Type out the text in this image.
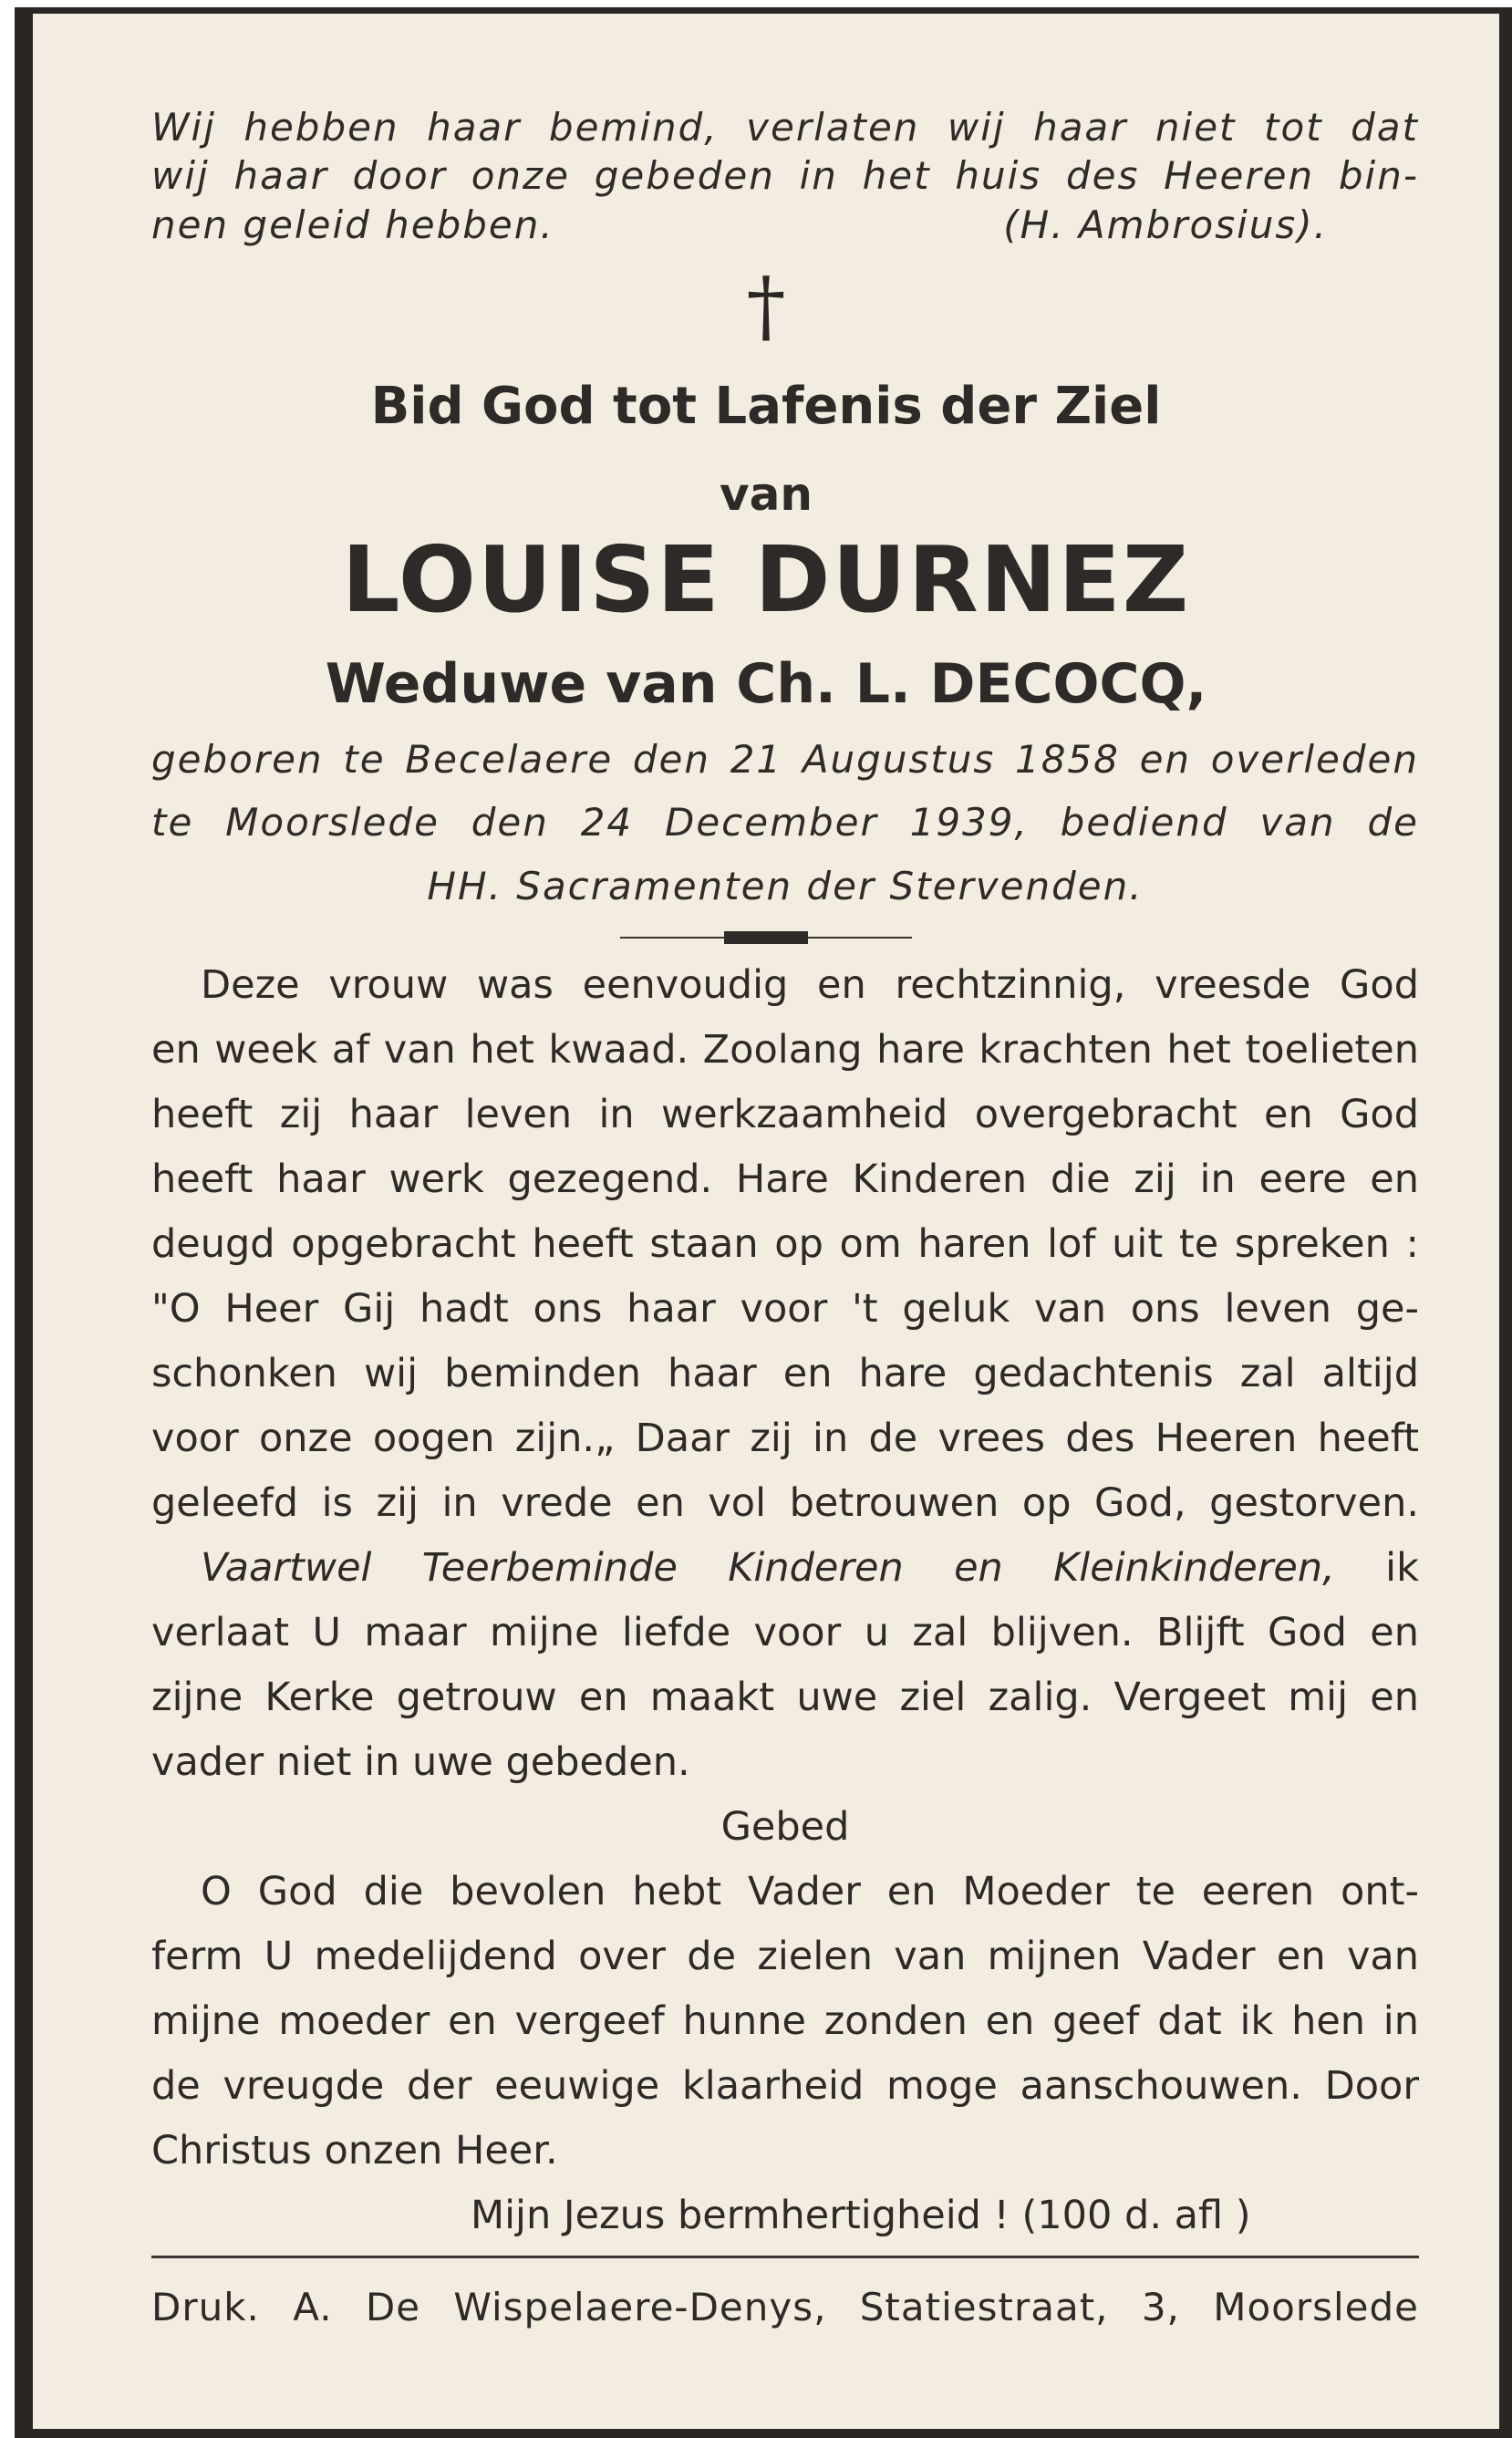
Wij hebben haar bemind, verlaten wij haar niet tot dat
wij haar door onze gebeden in het huis des Heeren bin-
nen geleid hebben.	(H. Ambrosius).
†
Bid God tot Lafenis der Ziel
van
LOUISE DURNEZ
Weduwe van Ch. L. DECOCQ,
geboren te Becelaere den 21 Augustus 1858 en overleden
te Moorslede den 24 December 1939, bediend van de
HH. Sacramenten der Stervenden.
Deze vrouw was eenvoudig en rechtzinnig, vreesde God
en week af van het kwaad. Zoolang hare krachten het toelieten
heeft zij haar leven in werkzaamheid overgebracht en God
heeft haar werk gezegend. Hare Kinderen die zij in eere en
deugd opgebracht heeft staan op om haren lof uit te spreken :
"O Heer Gij hadt ons haar voor 't geluk van ons leven ge-
schonken wij beminden haar en hare gedachtenis zal altijd
voor onze oogen zijn.„ Daar zij in de vrees des Heeren heeft
geleefd is zij in vrede en vol betrouwen op God, gestorven.
Vaartwel Teerbeminde Kinderen en Kleinkinderen, ik
verlaat U maar mijne liefde voor u zal blijven. Blijft God en
zijne Kerke getrouw en maakt uwe ziel zalig. Vergeet mij en
vader niet in uwe gebeden.
Gebed
O God die bevolen hebt Vader en Moeder te eeren ont-
ferm U medelijdend over de zielen van mijnen Vader en van
mijne moeder en vergeef hunne zonden en geef dat ik hen in
de vreugde der eeuwige klaarheid moge aanschouwen. Door
Christus onzen Heer.
Mijn Jezus bermhertigheid ! (100 d. afl )
Druk. A. De Wispelaere-Denys, Statiestraat, 3, Moorslede
